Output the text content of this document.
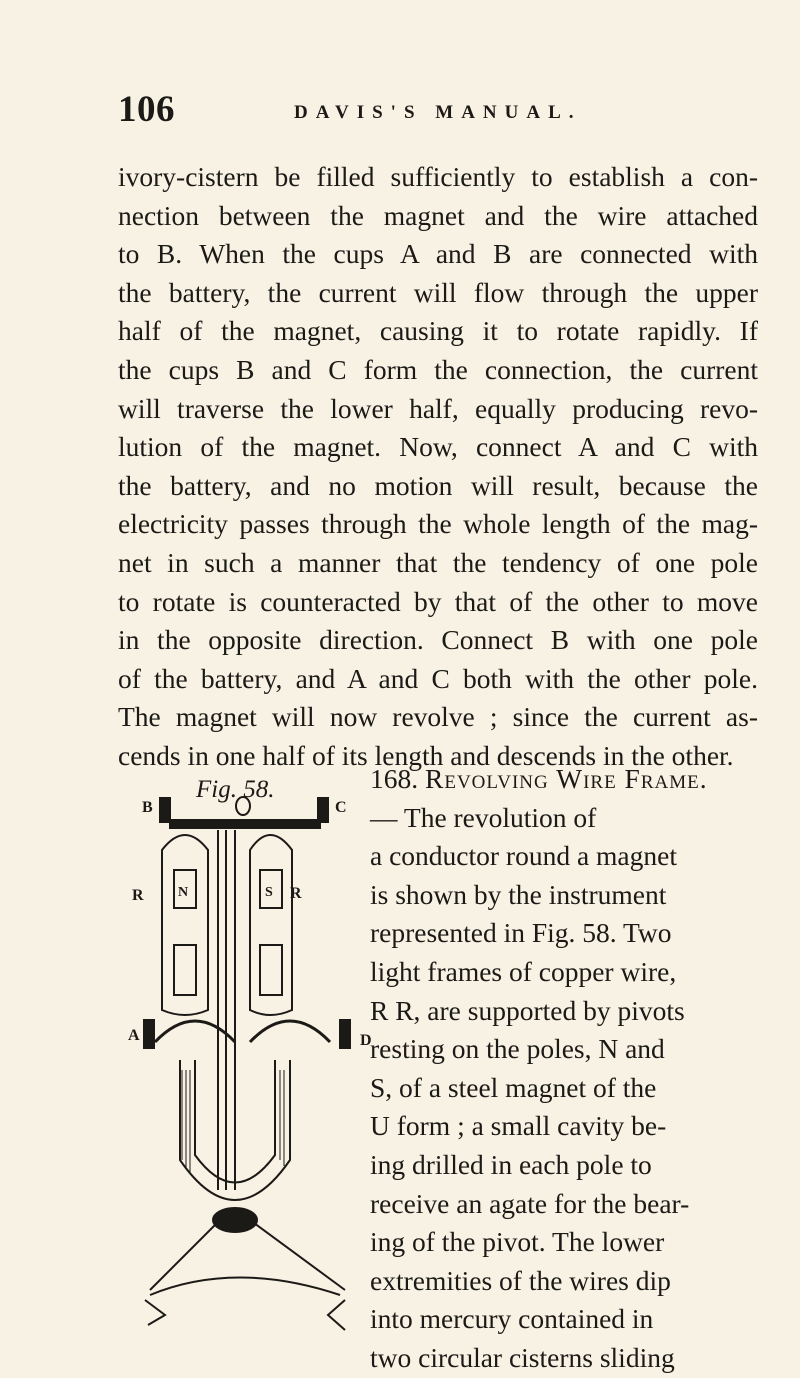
106	DAVIS'S MANUAL.

ivory-cistern be filled sufficiently to establish a con-
nection between the magnet and the wire attached
to B. When the cups A and B are connected with
the battery, the current will flow through the upper
half of the magnet, causing it to rotate rapidly. If
the cups B and C form the connection, the current
will traverse the lower half, equally producing revo-
lution of the magnet. Now, connect A and C with
the battery, and no motion will result, because the
electricity passes through the whole length of the mag-
net in such a manner that the tendency of one pole
to rotate is counteracted by that of the other to move
in the opposite direction. Connect B with one pole
of the battery, and A and C both with the other pole.
The magnet will now revolve ; since the current as-
cends in one half of its length and descends in the other.

Fig. 58.
B	C
N	S
R	R
A	D
168. Revolving Wire Frame.
— The revolution of
a conductor round a magnet
is shown by the instrument
represented in Fig. 58. Two
light frames of copper wire,
R R, are supported by pivots
resting on the poles, N and
S, of a steel magnet of the
U form ; a small cavity be-
ing drilled in each pole to
receive an agate for the bear-
ing of the pivot. The lower
extremities of the wires dip
into mercury contained in
two circular cisterns sliding
